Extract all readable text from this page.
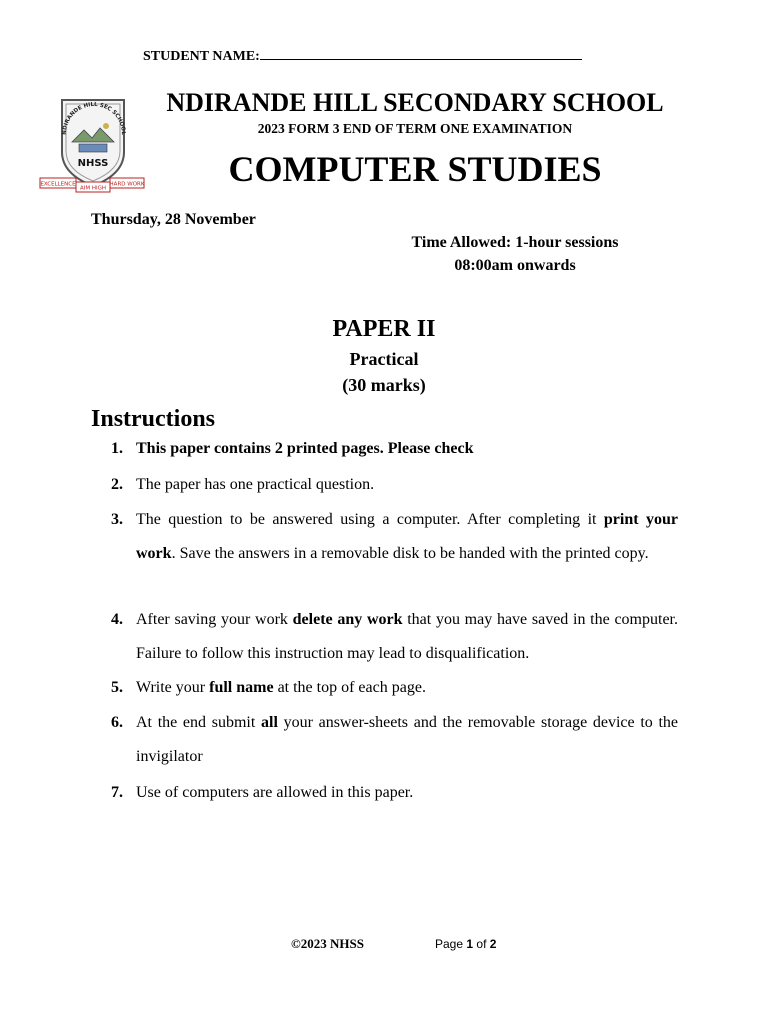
STUDENT NAME:
NDIRANDE HILL SEC SCHOOL
NHSS
EXCELLENCE
AIM HIGH
HARD WORK
NDIRANDE HILL SECONDARY SCHOOL
2023 FORM 3 END OF TERM ONE EXAMINATION
COMPUTER STUDIES
Thursday, 28 November
Time Allowed: 1-hour sessions
08:00am onwards
PAPER II
Practical
(30 marks)
Instructions
1. This paper contains 2 printed pages. Please check
2. The paper has one practical question.
3. The question to be answered using a computer. After completing it print your work. Save the answers in a removable disk to be handed with the printed copy.
4. After saving your work delete any work that you may have saved in the computer. Failure to follow this instruction may lead to disqualification.
5. Write your full name at the top of each page.
6. At the end submit all your answer-sheets and the removable storage device to the invigilator
7. Use of computers are allowed in this paper.
©2023 NHSS	Page 1 of 2
